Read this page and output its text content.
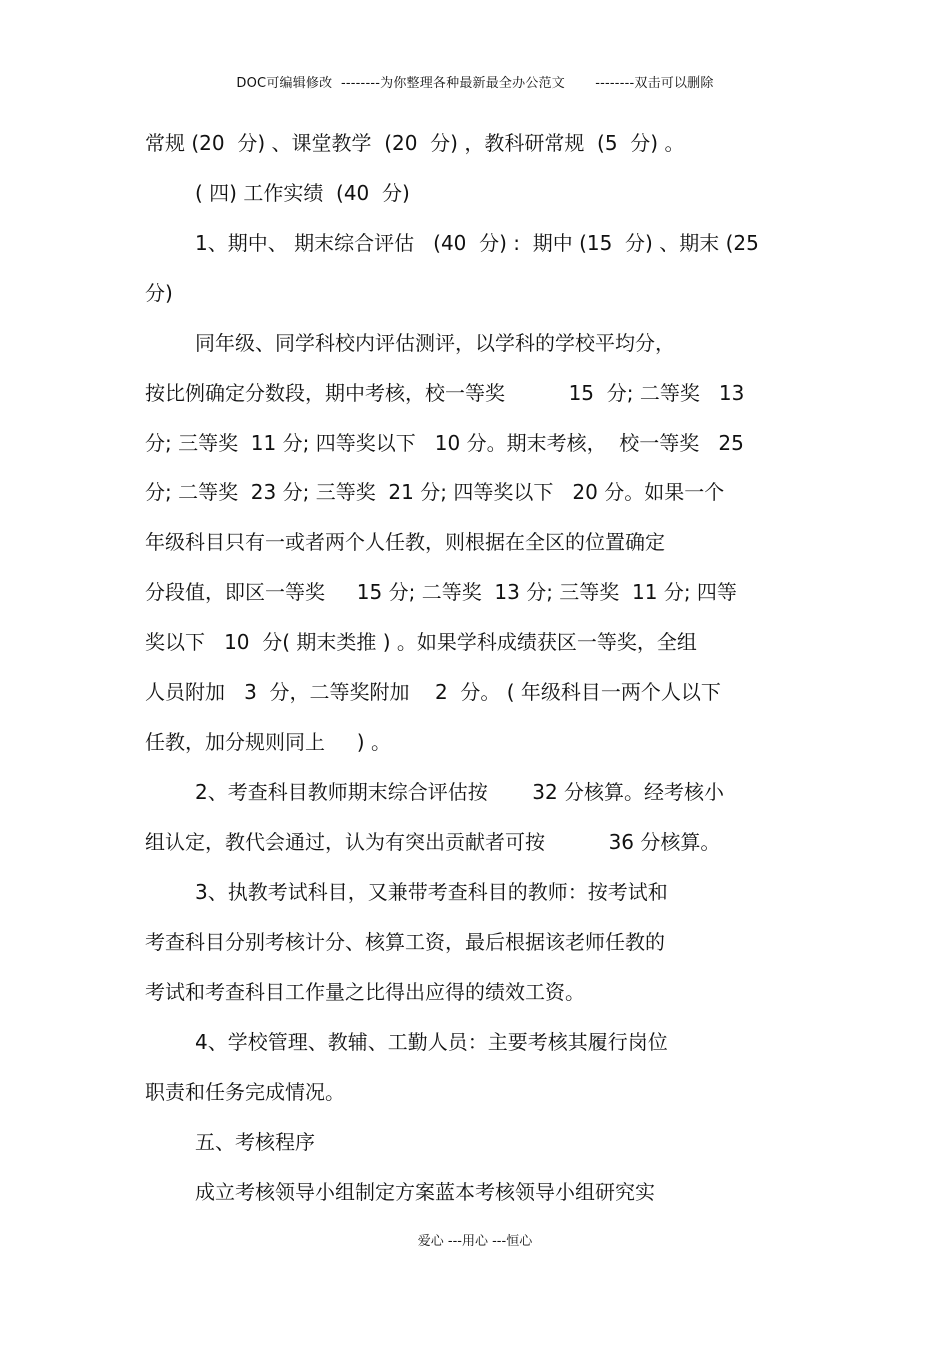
DOC可编辑修改  --------为你整理各种最新最全办公范文       --------双击可以删除
常规 (20  分) 、课堂教学  (20  分) ，教科研常规  (5  分) 。
( 四) 工作实绩  (40  分)
1、期中、 期末综合评估   (40  分) :  期中 (15  分) 、期末 (25
分)
同年级、同学科校内评估测评，以学科的学校平均分，
按比例确定分数段，期中考核，校一等奖          15  分; 二等奖   13
分; 三等奖  11 分; 四等奖以下   10 分。期末考核，  校一等奖   25
分; 二等奖  23 分; 三等奖  21 分; 四等奖以下   20 分。如果一个
年级科目只有一或者两个人任教，则根据在全区的位置确定
分段值，即区一等奖     15 分; 二等奖  13 分; 三等奖  11 分; 四等
奖以下   10  分( 期末类推 ) 。如果学科成绩获区一等奖，全组
人员附加   3  分，二等奖附加    2  分。 ( 年级科目一两个人以下
任教，加分规则同上     ) 。
2、考查科目教师期末综合评估按       32 分核算。经考核小
组认定，教代会通过，认为有突出贡献者可按          36 分核算。
3、执教考试科目，又兼带考查科目的教师：按考试和
考查科目分别考核计分、核算工资，最后根据该老师任教的
考试和考查科目工作量之比得出应得的绩效工资。
4、学校管理、教辅、工勤人员：主要考核其履行岗位
职责和任务完成情况。
五、考核程序
成立考核领导小组制定方案蓝本考核领导小组研究实
爱心 ---用心 ---恒心
